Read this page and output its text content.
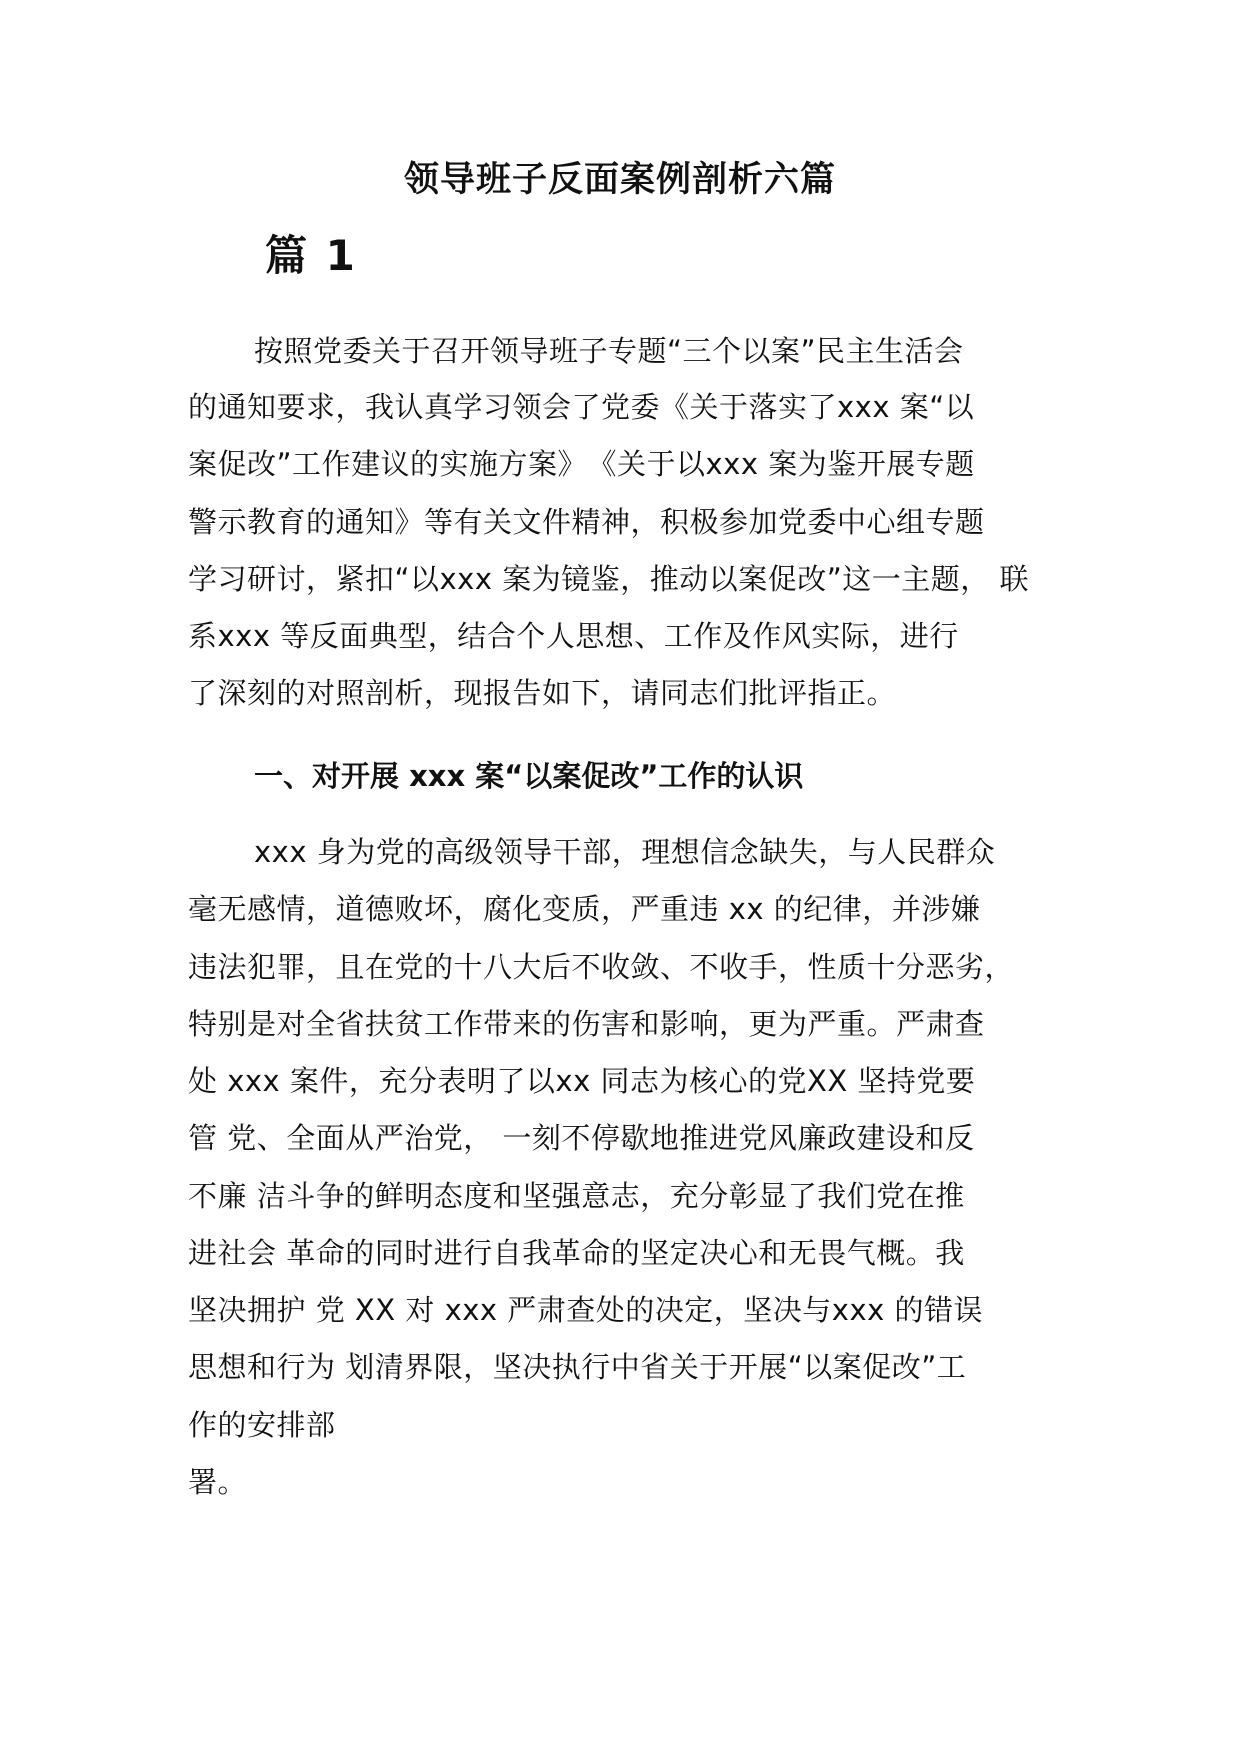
领导班子反面案例剖析六篇
篇 1
按照党委关于召开领导班子专题“三个以案”民主生活会
的通知要求，我认真学习领会了党委《关于落实了xxx 案“以
案促改”工作建议的实施方案》　《关于以xxx 案为鉴开展专题
警示教育的通知》等有关文件精神，积极参加党委中心组专题
学习研讨，紧扣“以xxx 案为镜鉴，推动以案促改”这一主题， 联
系xxx 等反面典型，结合个人思想、工作及作风实际，进行
了深刻的对照剖析，现报告如下，请同志们批评指正。
一、对开展 xxx 案“以案促改”工作的认识
xxx 身为党的高级领导干部，理想信念缺失，与人民群众
毫无感情，道德败坏，腐化变质，严重违 xx 的纪律，并涉嫌
违法犯罪，且在党的十八大后不收敛、不收手，性质十分恶劣，
特别是对全省扶贫工作带来的伤害和影响，更为严重。严肃查
处 xxx 案件，充分表明了以xx 同志为核心的党XX 坚持党要
管 党、全面从严治党， 一刻不停歇地推进党风廉政建设和反
不廉 洁斗争的鲜明态度和坚强意志，充分彰显了我们党在推
进社会 革命的同时进行自我革命的坚定决心和无畏气概。我
坚决拥护 党 XX 对 xxx 严肃查处的决定，坚决与xxx 的错误
思想和行为 划清界限，坚决执行中省关于开展“以案促改”工
作的安排部
署。
